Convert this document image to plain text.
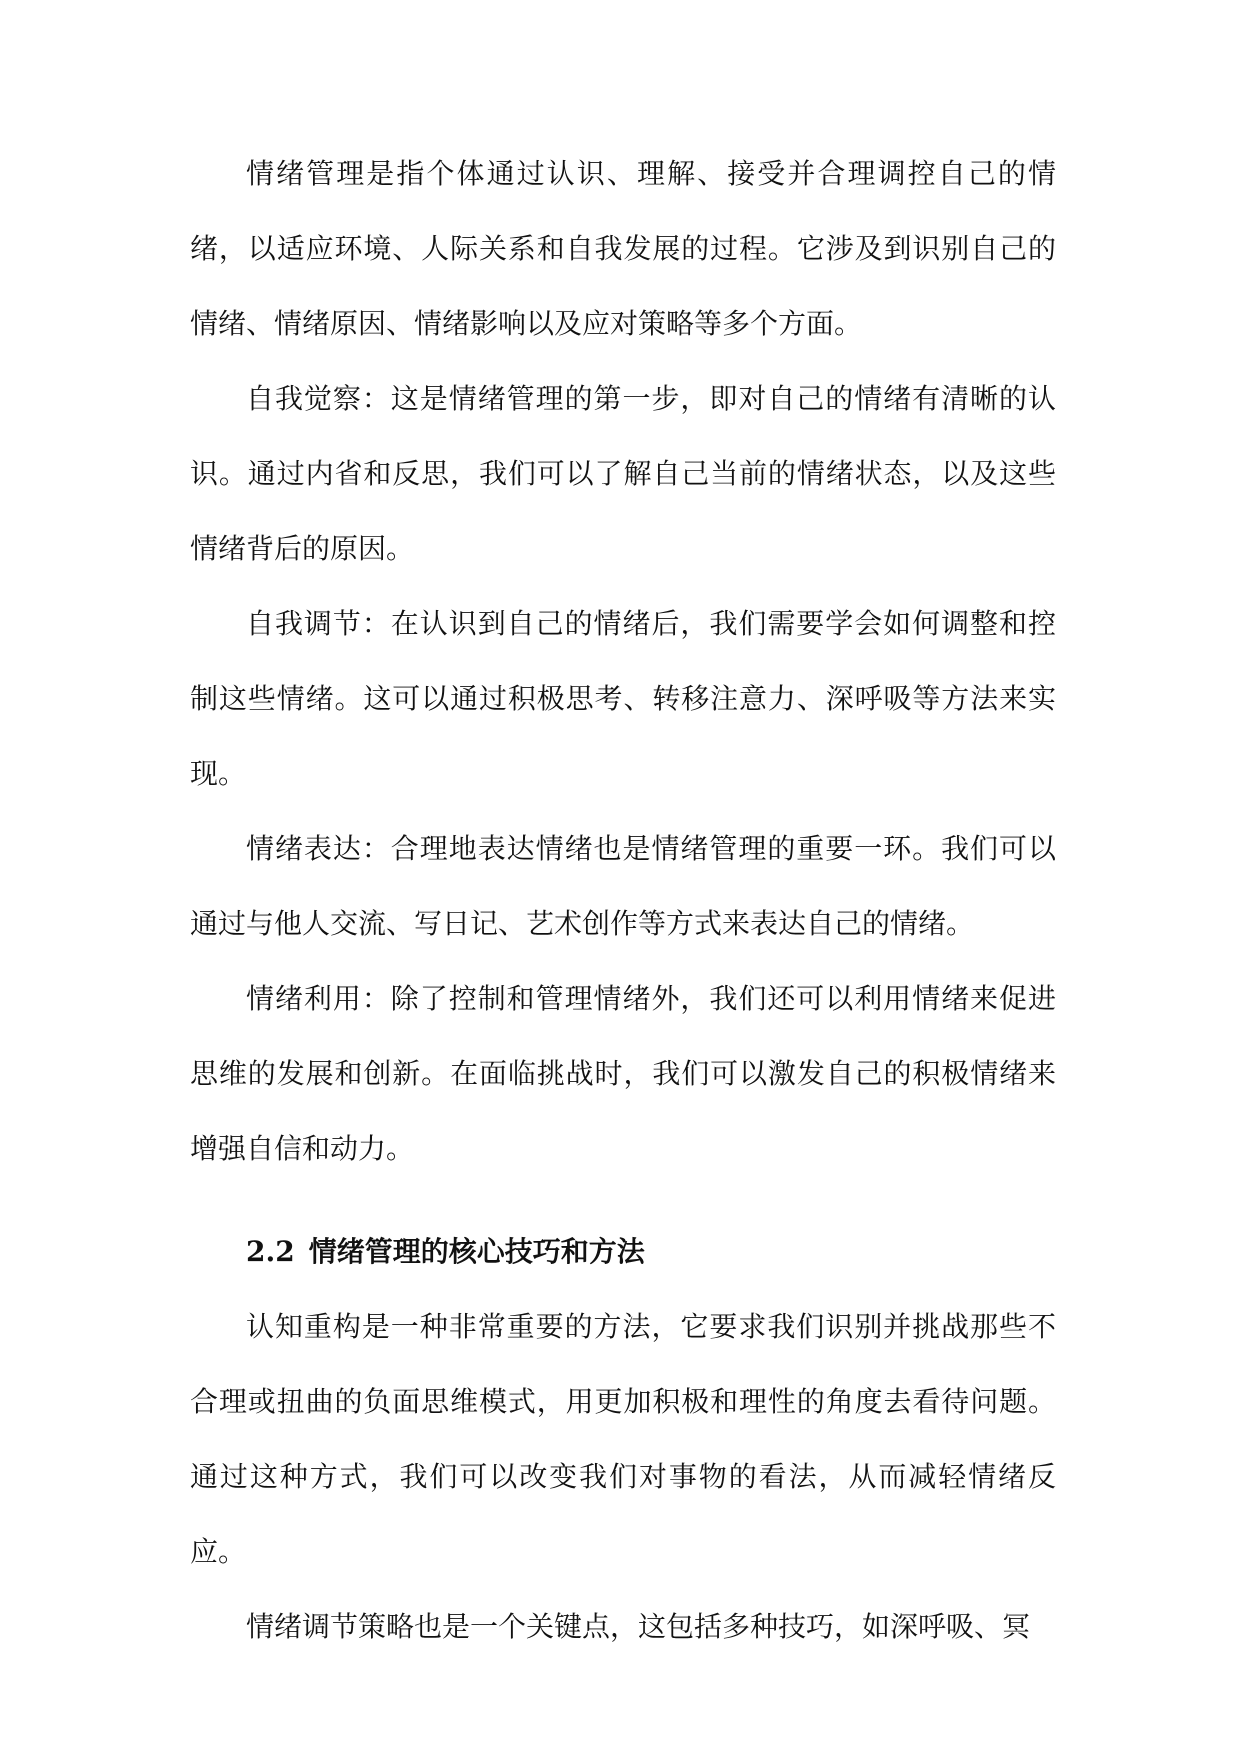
情绪管理是指个体通过认识、理解、接受并合理调控自己的情绪，以适应环境、人际关系和自我发展的过程。它涉及到识别自己的情绪、情绪原因、情绪影响以及应对策略等多个方面。

自我觉察：这是情绪管理的第一步，即对自己的情绪有清晰的认识。通过内省和反思，我们可以了解自己当前的情绪状态，以及这些情绪背后的原因。

自我调节：在认识到自己的情绪后，我们需要学会如何调整和控制这些情绪。这可以通过积极思考、转移注意力、深呼吸等方法来实现。

情绪表达：合理地表达情绪也是情绪管理的重要一环。我们可以通过与他人交流、写日记、艺术创作等方式来表达自己的情绪。

情绪利用：除了控制和管理情绪外，我们还可以利用情绪来促进思维的发展和创新。在面临挑战时，我们可以激发自己的积极情绪来增强自信和动力。

2.2 情绪管理的核心技巧和方法

认知重构是一种非常重要的方法，它要求我们识别并挑战那些不合理或扭曲的负面思维模式，用更加积极和理性的角度去看待问题。通过这种方式，我们可以改变我们对事物的看法，从而减轻情绪反应。

情绪调节策略也是一个关键点，这包括多种技巧，如深呼吸、冥
